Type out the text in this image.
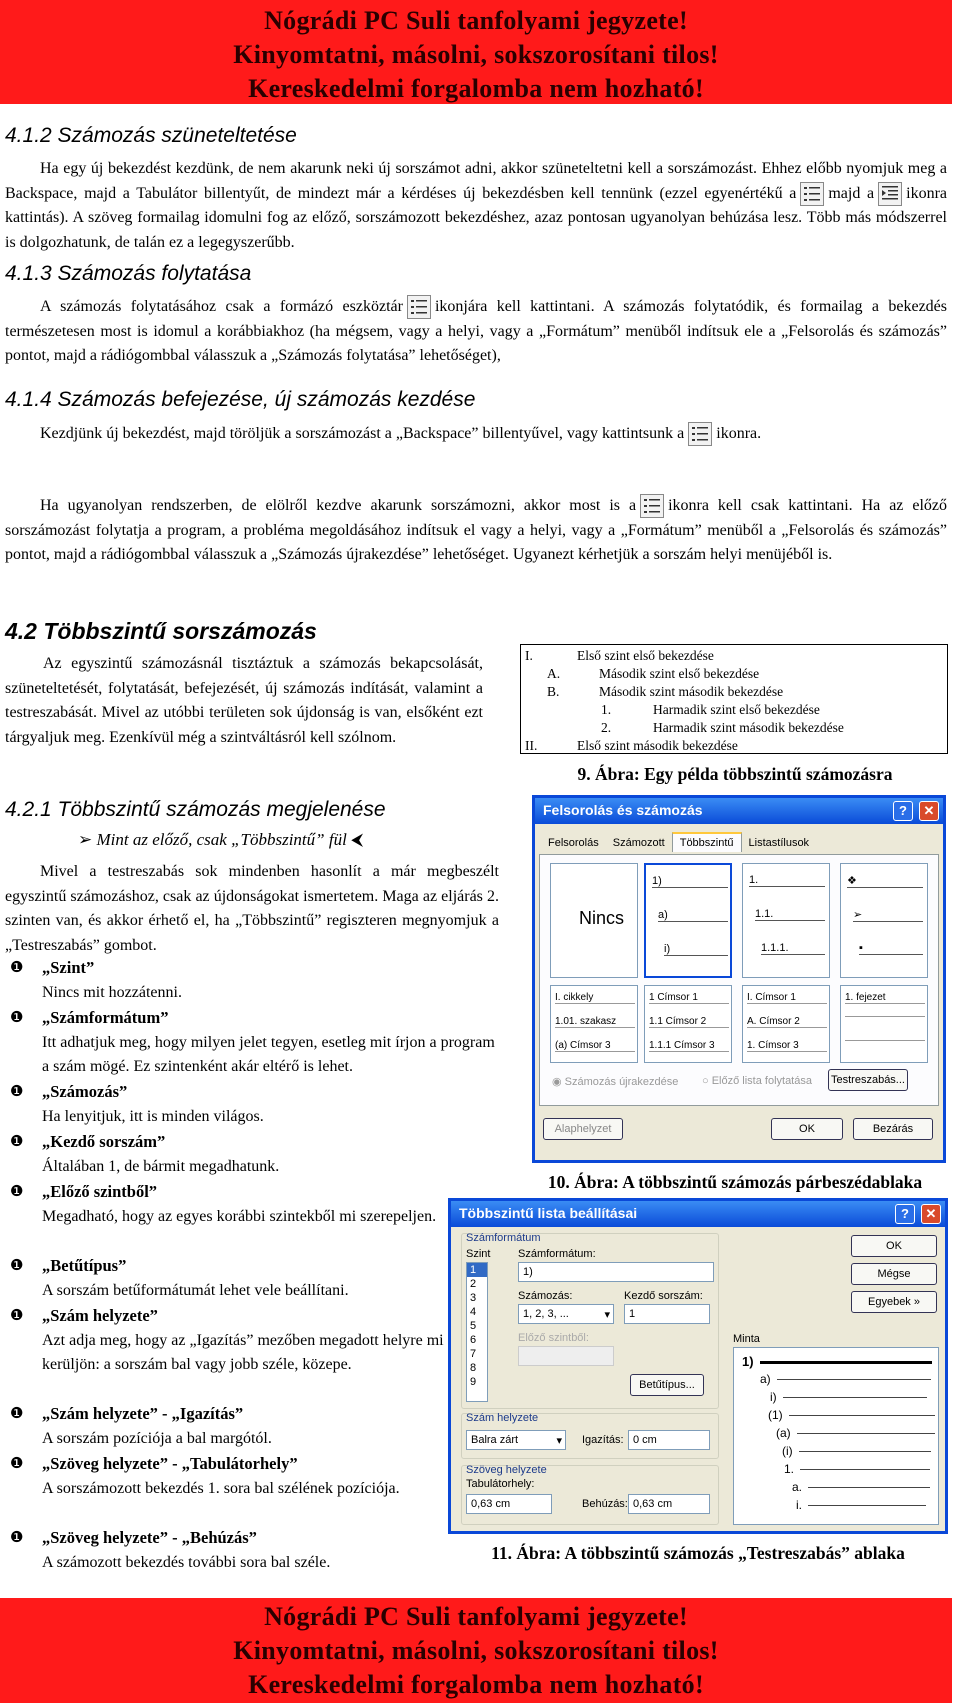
Nógrádi PC Suli tanfolyami jegyzete!
Kinyomtatni, másolni, sokszorosítani tilos!
Kereskedelmi forgalomba nem hozható!
4.1.2 Számozás szüneteltetése
Ha egy új bekezdést kezdünk, de nem akarunk neki új sorszámot adni, akkor szüneteltetni kell a sorszámozást. Ehhez előbb nyomjuk meg a Backspace, majd a Tabulátor billentyűt, de mindezt már a kérdéses új bekezdésben kell tennünk (ezzel egyenértékű a majd a ikonra kattintás). A szöveg formailag idomulni fog az előző, sorszámozott bekezdéshez, azaz pontosan ugyanolyan behúzása lesz. Több más módszerrel is dolgozhatunk, de talán ez a legegyszerűbb.
4.1.3 Számozás folytatása
A számozás folytatásához csak a formázó eszköztár ikonjára kell kattintani. A számozás folytatódik, és formailag a bekezdés természetesen most is idomul a korábbiakhoz (ha mégsem, vagy a helyi, vagy a „Formátum” menüből indítsuk ele a „Felsorolás és számozás” pontot, majd a rádiógombbal válasszuk a „Számozás folytatása” lehetőséget),
4.1.4 Számozás befejezése, új számozás kezdése
Kezdjünk új bekezdést, majd töröljük a sorszámozást a „Backspace” billentyűvel, vagy kattintsunk a ikonra.
Ha ugyanolyan rendszerben, de elölről kezdve akarunk sorszámozni, akkor most is a ikonra kell csak kattintani. Ha az előző sorszámozást folytatja a program, a probléma megoldásához indítsuk el vagy a helyi, vagy a „Formátum” menüből a „Felsorolás és számozás” pontot, majd a rádiógombbal válasszuk a „Számozás újrakezdése” lehetőséget. Ugyanezt kérhetjük a sorszám helyi menüjéből is.
4.2 Többszintű sorszámozás
Az egyszintű számozásnál tisztáztuk a számozás bekapcsolását, szüneteltetését, folytatását, befejezését, új számozás indítását, valamint a testreszabását. Mivel az utóbbi területen sok újdonság is van, elsőként ezt tárgyaljuk meg. Ezenkívül még a szintváltásról kell szólnom.
I.	Első szint első bekezdése
A.	Második szint első bekezdése
B.	Második szint második bekezdése
1.	Harmadik szint első bekezdése
2.	Harmadik szint második bekezdése
II.	Első szint második bekezdése
9. Ábra: Egy példa többszintű számozásra
4.2.1 Többszintű számozás megjelenése
➢ Mint az előző, csak „Többszintű” fül ⮜
Mivel a testreszabás sok mindenben hasonlít a már megbeszélt egyszintű számozáshoz, csak az újdonságokat ismertetem. Maga az eljárás 2. szinten van, és akkor érhető el, ha „Többszintű” regiszteren megnyomjuk a „Testreszabás” gombot.
❶ „Szint”
Nincs mit hozzátenni.
❶ „Számformátum”
Itt adhatjuk meg, hogy milyen jelet tegyen, esetleg mit írjon a program a szám mögé. Ez szintenként akár eltérő is lehet.
❶ „Számozás”
Ha lenyitjuk, itt is minden világos.
❶ „Kezdő sorszám”
Általában 1, de bármit megadhatunk.
❶ „Előző szintből”
Megadható, hogy az egyes korábbi szintekből mi szerepeljen.
❶ „Betűtípus”
A sorszám betűformátumát lehet vele beállítani.
❶ „Szám helyzete”
Azt adja meg, hogy az „Igazítás” mezőben megadott helyre mi kerüljön: a sorszám bal vagy jobb széle, közepe.
❶ „Szám helyzete” - „Igazítás”
A sorszám pozíciója a bal margótól.
❶ „Szöveg helyzete” - „Tabulátorhely”
A sorszámozott bekezdés 1. sora bal szélének pozíciója.
❶ „Szöveg helyzete” - „Behúzás”
A számozott bekezdés további sora bal széle.
Felsorolás és számozás	?	✕
Felsorolás Számozott Többszintű Listastílusok
Nincs
1)
a)
i)
1.
1.1.
1.1.1.
❖
➢
▪
I. cikkely
1.01. szakasz
(a) Címsor 3
1 Címsor 1
1.1 Címsor 2
1.1.1 Címsor 3
I. Címsor 1
A. Címsor 2
1. Címsor 3
1. fejezet
◉ Számozás újrakezdése ○ Előző lista folytatása Testreszabás...
Alaphelyzet	OK	Bezárás
10. Ábra: A többszintű számozás párbeszédablaka
Többszintű lista beállításai	?	✕
Számformátum
Szint
1
2
3
4
5
6
7
8
9
Számformátum:
1)
Számozás:
1, 2, 3, ...	▾
Kezdő sorszám:
1
Előző szintből:
Betűtípus...
Szám helyzete
Balra zárt	▾ Igazítás: 0 cm
Szöveg helyzete
Tabulátorhely:
0,63 cm	Behúzás: 0,63 cm
OK
Mégse
Egyebek »
Minta
1)
a)
i)
(1)
(a)
(i)
1.
a.
i.
11. Ábra: A többszintű számozás „Testreszabás” ablaka
Nógrádi PC Suli tanfolyami jegyzete!
Kinyomtatni, másolni, sokszorosítani tilos!
Kereskedelmi forgalomba nem hozható!
